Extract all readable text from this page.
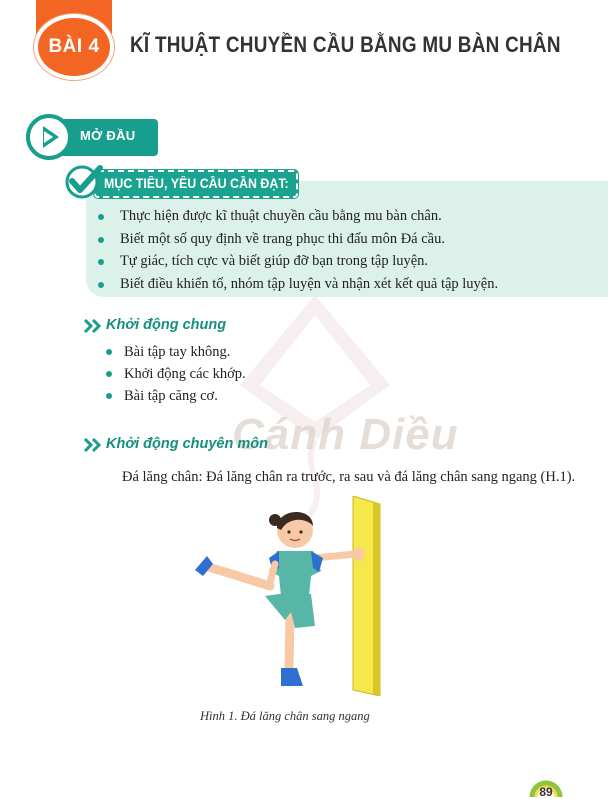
Cánh Diều
BÀI 4 KĨ THUẬT CHUYỀN CẦU BẰNG MU BÀN CHÂN
MỞ ĐẦU
MỤC TIÊU, YÊU CẦU CẦN ĐẠT:
Thực hiện được kĩ thuật chuyền cầu bằng mu bàn chân.
Biết một số quy định về trang phục thi đấu môn Đá cầu.
Tự giác, tích cực và biết giúp đỡ bạn trong tập luyện.
Biết điều khiển tổ, nhóm tập luyện và nhận xét kết quả tập luyện.
Khởi động chung
Bài tập tay không.
Khởi động các khớp.
Bài tập căng cơ.
Khởi động chuyên môn
Đá lăng chân: Đá lăng chân ra trước, ra sau và đá lăng chân sang ngang (H.1).
Hình 1. Đá lăng chân sang ngang
89
